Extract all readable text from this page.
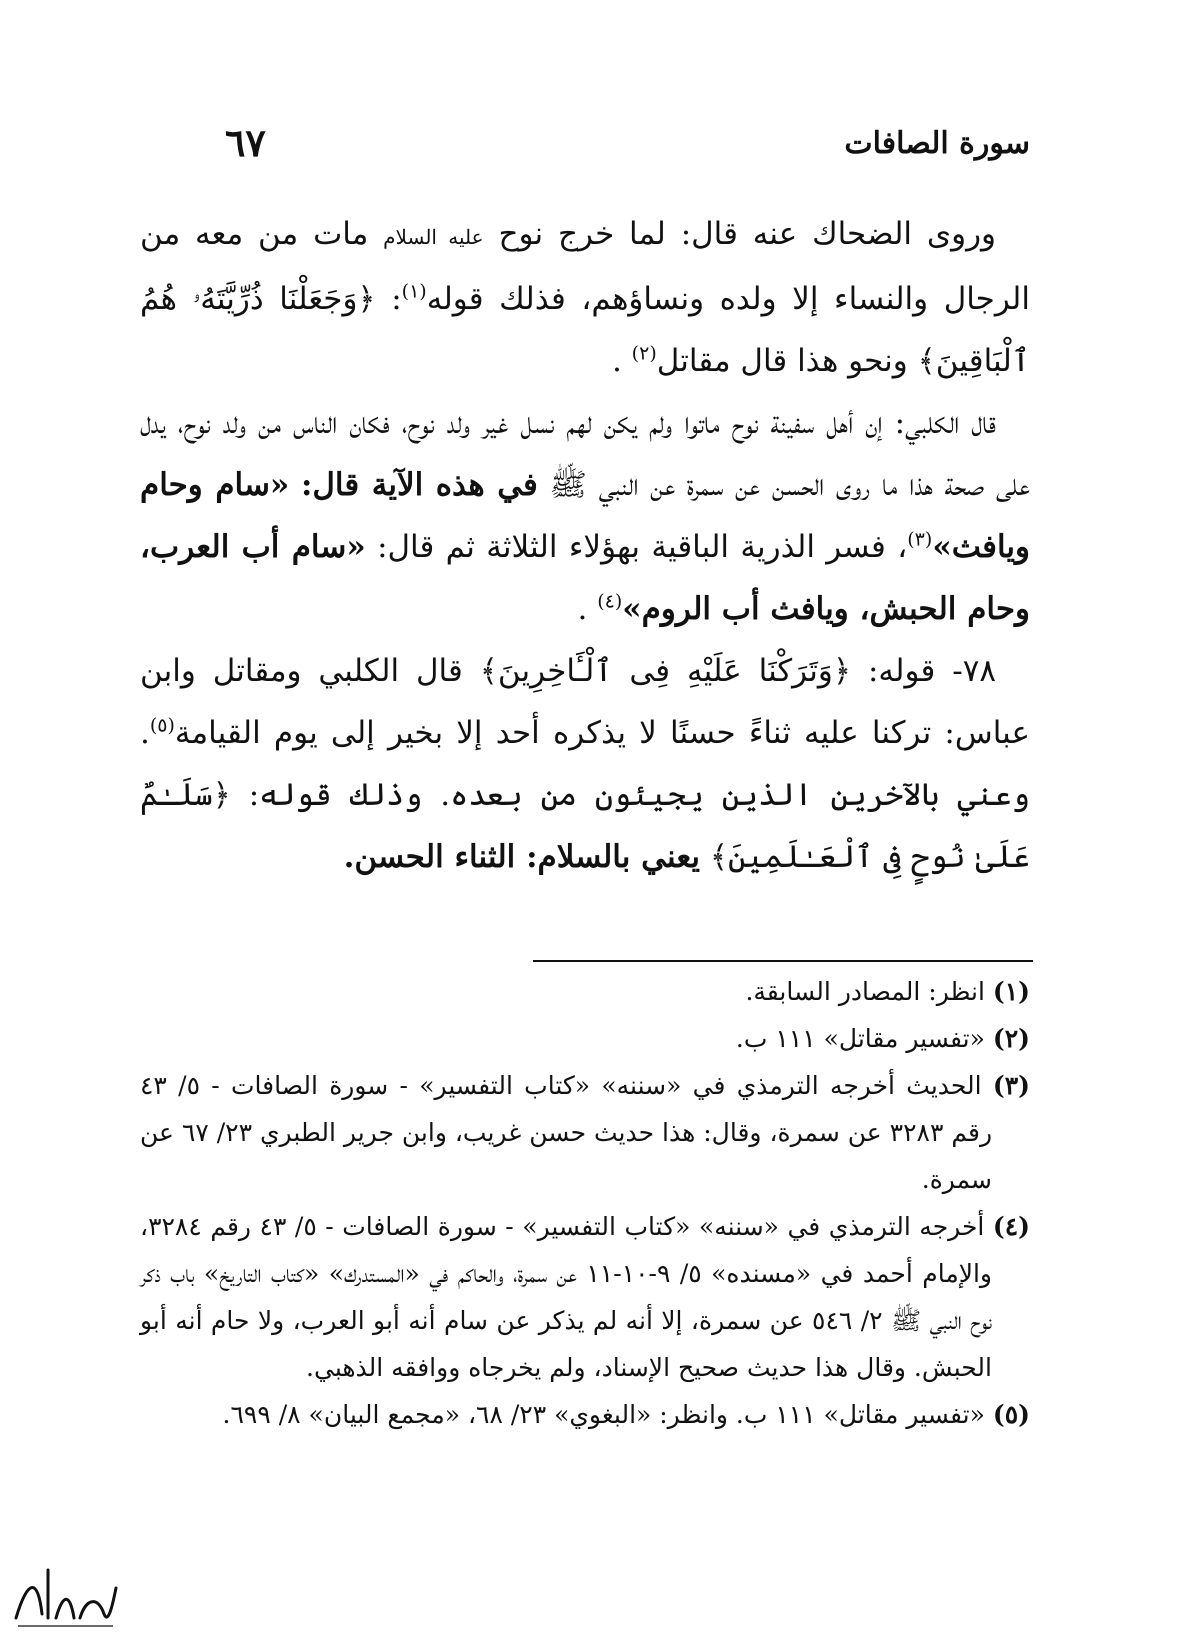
سورة الصافات
٦٧

وروى الضحاك عنه قال: لما خرج نوح عليه السلام مات من معه من الرجال والنساء إلا ولده ونساؤهم، فذلك قوله$^{(١)}$: ﴿وَجَعَلْنَا ذُرِّيَّتَهُۥ هُمُ ٱلْبَاقِينَ﴾ ونحو هذا قال مقاتل$^{(٢)}$ .

قال الكلبي: إن أهل سفينة نوح ماتوا ولم يكن لهم نسل غير ولد نوح، فكان الناس من ولد نوح، يدل على صحة هذا ما روى الحسن عن سمرة عن النبي ﷺ في هذه الآية قال: «سام وحام ويافث»$^{(٣)}$، فسر الذرية الباقية بهؤلاء الثلاثة ثم قال: «سام أب العرب، وحام الحبش، ويافث أب الروم»$^{(٤)}$ .

٧٨- قوله: ﴿وَتَرَكْنَا عَلَيْهِ فِى ٱلْـَٔاخِرِينَ﴾ قال الكلبي ومقاتل وابن عباس: تركنا عليه ثناءً حسنًا لا يذكره أحد إلا بخير إلى يوم القيامة$^{(٥)}$. وعني بالآخرين الذين يجيئون من بعده. وذلك قوله: ﴿سَلَـٰمٌ عَلَىٰ نُوحٍ فِى ٱلْعَـٰلَمِينَ﴾ يعني بالسلام: الثناء الحسن.

(١) انظر: المصادر السابقة.

(٢) «تفسير مقاتل» ١١١ ب.

(٣) الحديث أخرجه الترمذي في «سننه» «كتاب التفسير» - سورة الصافات - ٥/ ٤٣ رقم ٣٢٨٣ عن سمرة، وقال: هذا حديث حسن غريب، وابن جرير الطبري ٢٣/ ٦٧ عن سمرة.

(٤) أخرجه الترمذي في «سننه» «كتاب التفسير» - سورة الصافات - ٥/ ٤٣ رقم ٣٢٨٤، والإمام أحمد في «مسنده» ٥/ ٩-١٠-١١ عن سمرة، والحاكم في «المستدرك» «كتاب التاريخ» باب ذكر نوح النبي ﷺ ٢/ ٥٤٦ عن سمرة، إلا أنه لم يذكر عن سام أنه أبو العرب، ولا حام أنه أبو الحبش. وقال هذا حديث صحيح الإسناد، ولم يخرجاه ووافقه الذهبي.

(٥) «تفسير مقاتل» ١١١ ب. وانظر: «البغوي» ٢٣/ ٦٨، «مجمع البيان» ٨/ ٦٩٩.
